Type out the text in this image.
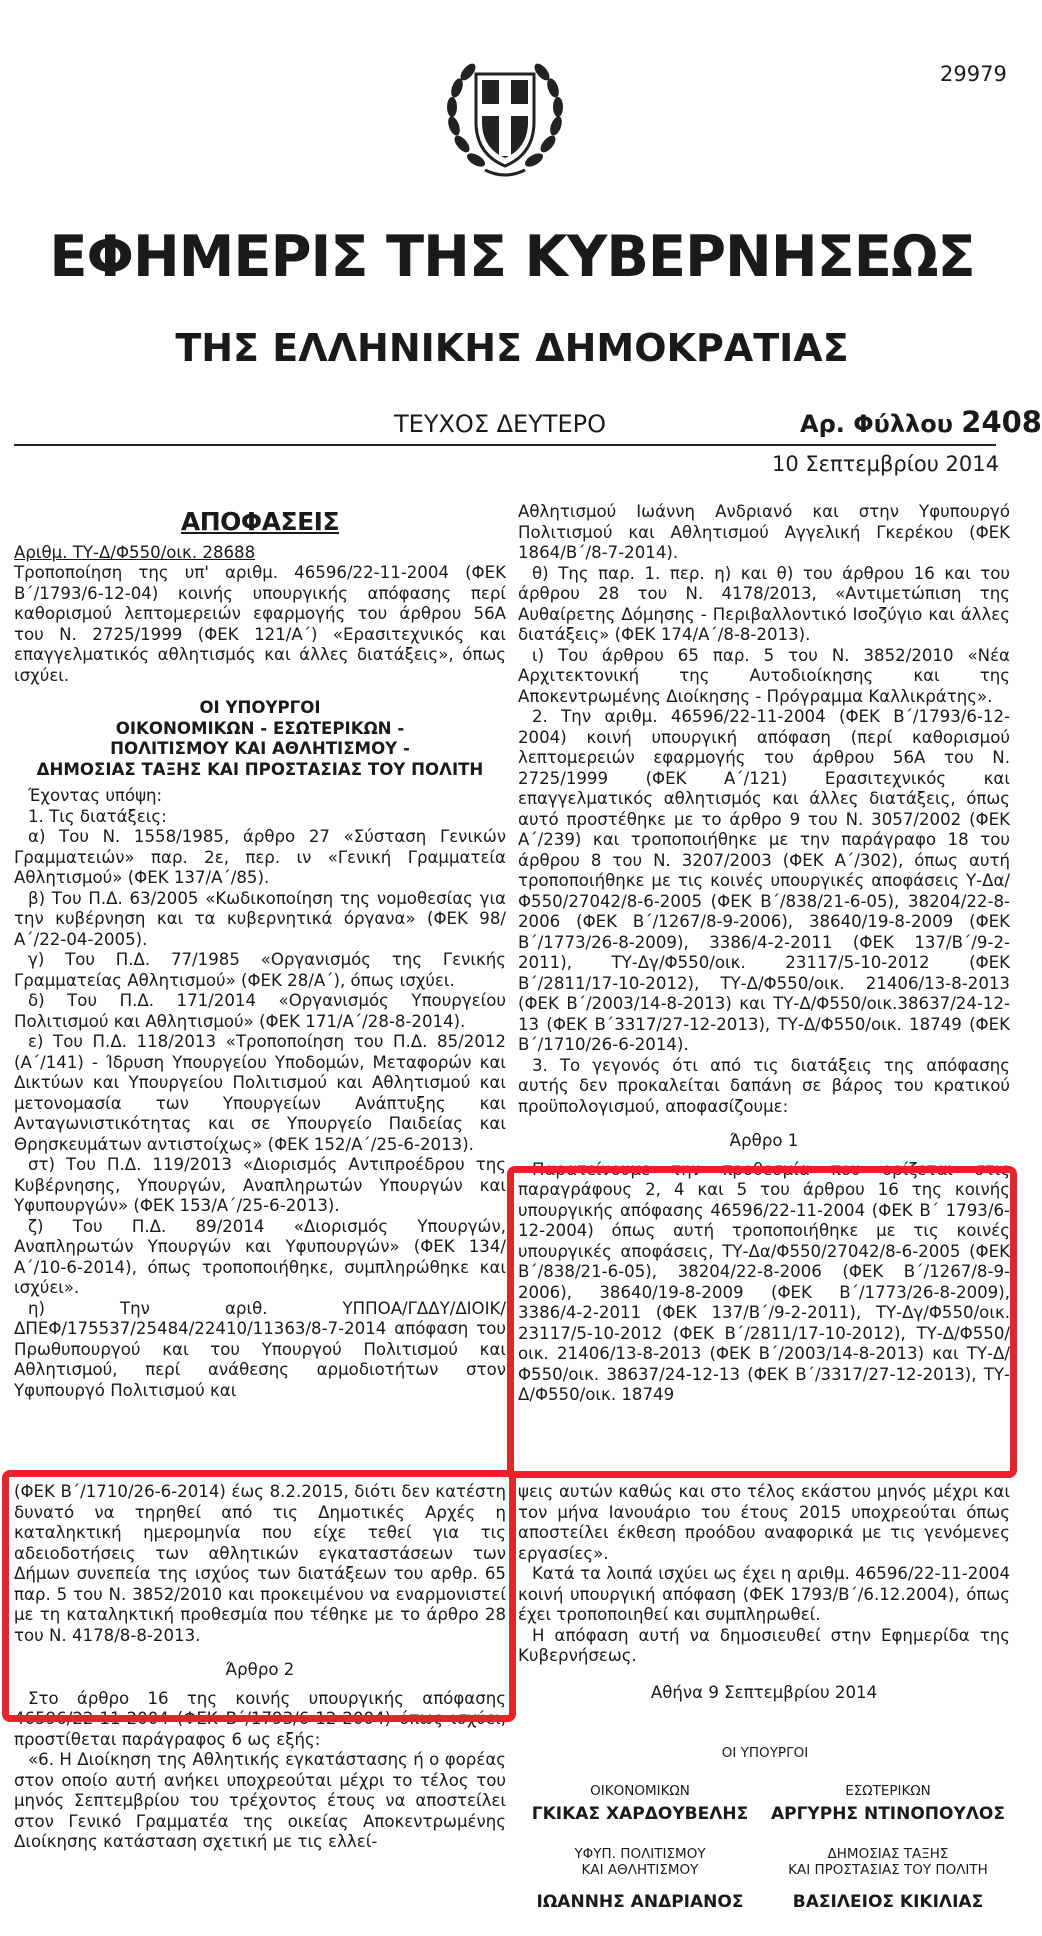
29979
ΕΦΗΜΕΡΙΣ ΤΗΣ ΚΥΒΕΡΝΗΣΕΩΣ
ΤΗΣ ΕΛΛΗΝΙΚΗΣ ΔΗΜΟΚΡΑΤΙΑΣ
ΤΕΥΧΟΣ ΔΕΥΤΕΡΟ	Αρ. Φύλλου 2408
10 Σεπτεμβρίου 2014

ΑΠΟΦΑΣΕΙΣ

Αριθμ. ΤΥ-Δ/Φ550/οικ. 28688

Τροποποίηση της υπ' αριθμ. 46596/22-11-2004 (ΦΕΚ Β΄/1793/6-12-04) κοινής υπουργικής απόφασης περί καθορισμού λεπτομερειών εφαρμογής του άρθρου 56Α του Ν. 2725/1999 (ΦΕΚ 121/Α΄) «Ερασιτεχνικός και επαγγελματικός αθλητισμός και άλλες διατάξεις», όπως ισχύει.

ΟΙ ΥΠΟΥΡΓΟΙ

ΟΙΚΟΝΟΜΙΚΩΝ - ΕΣΩΤΕΡΙΚΩΝ -

ΠΟΛΙΤΙΣΜΟΥ ΚΑΙ ΑΘΛΗΤΙΣΜΟΥ -

ΔΗΜΟΣΙΑΣ ΤΑΞΗΣ ΚΑΙ ΠΡΟΣΤΑΣΙΑΣ ΤΟΥ ΠΟΛΙΤΗ

Έχοντας υπόψη:

1. Τις διατάξεις:

α) Του Ν. 1558/1985, άρθρο 27 «Σύσταση Γενικών Γραμματειών» παρ. 2ε, περ. ιν «Γενική Γραμματεία Αθλητισμού» (ΦΕΚ 137/Α΄/85).

β) Του Π.Δ. 63/2005 «Κωδικοποίηση της νομοθεσίας για την κυβέρνηση και τα κυβερνητικά όργανα» (ΦΕΚ 98/Α΄/22-04-2005).

γ) Του Π.Δ. 77/1985 «Οργανισμός της Γενικής Γραμματείας Αθλητισμού» (ΦΕΚ 28/Α΄), όπως ισχύει.

δ) Του Π.Δ. 171/2014 «Οργανισμός Υπουργείου Πολιτισμού και Αθλητισμού» (ΦΕΚ 171/Α΄/28-8-2014).

ε) Του Π.Δ. 118/2013 «Τροποποίηση του Π.Δ. 85/2012 (Α΄/141) - Ίδρυση Υπουργείου Υποδομών, Μεταφορών και Δικτύων και Υπουργείου Πολιτισμού και Αθλητισμού και μετονομασία των Υπουργείων Ανάπτυξης και Ανταγωνιστικότητας και σε Υπουργείο Παιδείας και Θρησκευμάτων αντιστοίχως» (ΦΕΚ 152/Α΄/25-6-2013).

στ) Του Π.Δ. 119/2013 «Διορισμός Αντιπροέδρου της Κυβέρνησης, Υπουργών, Αναπληρωτών Υπουργών και Υφυπουργών» (ΦΕΚ 153/Α΄/25-6-2013).

ζ) Του Π.Δ. 89/2014 «Διορισμός Υπουργών, Αναπληρωτών Υπουργών και Υφυπουργών» (ΦΕΚ 134/Α΄/10-6-2014), όπως τροποποιήθηκε, συμπληρώθηκε και ισχύει».

η) Την αριθ. ΥΠΠΟΑ/ΓΔΔΥ/ΔΙΟΙΚ/ΔΠΕΦ/175537/25484/22410/11363/8-7-2014 απόφαση του Πρωθυπουργού και του Υπουργού Πολιτισμού και Αθλητισμού, περί ανάθεσης αρμοδιοτήτων στον Υφυπουργό Πολιτισμού και

Αθλητισμού Ιωάννη Ανδριανό και στην Υφυπουργό Πολιτισμού και Αθλητισμού Αγγελική Γκερέκου (ΦΕΚ 1864/Β΄/8-7-2014).

θ) Της παρ. 1. περ. η) και θ) του άρθρου 16 και του άρθρου 28 του Ν. 4178/2013, «Αντιμετώπιση της Αυθαίρετης Δόμησης - Περιβαλλοντικό Ισοζύγιο και άλλες διατάξεις» (ΦΕΚ 174/Α΄/8-8-2013).

ι) Του άρθρου 65 παρ. 5 του Ν. 3852/2010 «Νέα Αρχιτεκτονική της Αυτοδιοίκησης και της Αποκεντρωμένης Διοίκησης - Πρόγραμμα Καλλικράτης».

2. Την αριθμ. 46596/22-11-2004 (ΦΕΚ Β΄/1793/6-12-2004) κοινή υπουργική απόφαση (περί καθορισμού λεπτομερειών εφαρμογής του άρθρου 56Α του Ν. 2725/1999 (ΦΕΚ Α΄/121) Ερασιτεχνικός και επαγγελματικός αθλητισμός και άλλες διατάξεις, όπως αυτό προστέθηκε με το άρθρο 9 του Ν. 3057/2002 (ΦΕΚ Α΄/239) και τροποποιήθηκε με την παράγραφο 18 του άρθρου 8 του Ν. 3207/2003 (ΦΕΚ Α΄/302), όπως αυτή τροποποιήθηκε με τις κοινές υπουργικές αποφάσεις Υ-Δα/Φ550/27042/8-6-2005 (ΦΕΚ Β΄/838/21-6-05), 38204/22-8-2006 (ΦΕΚ Β΄/1267/8-9-2006), 38640/19-8-2009 (ΦΕΚ Β΄/1773/26-8-2009), 3386/4-2-2011 (ΦΕΚ 137/Β΄/9-2-2011), ΤΥ-Δγ/Φ550/οικ. 23117/5-10-2012 (ΦΕΚ Β΄/2811/17-10-2012), ΤΥ-Δ/Φ550/οικ. 21406/13-8-2013 (ΦΕΚ Β΄/2003/14-8-2013) και ΤΥ-Δ/Φ550/οικ.38637/24-12-13 (ΦΕΚ Β΄3317/27-12-2013), ΤΥ-Δ/Φ550/οικ. 18749 (ΦΕΚ Β΄/1710/26-6-2014).

3. Το γεγονός ότι από τις διατάξεις της απόφασης αυτής δεν προκαλείται δαπάνη σε βάρος του κρατικού προϋπολογισμού, αποφασίζουμε:

Άρθρο 1

Παρατείνουμε την προθεσμία που ορίζεται στις παραγράφους 2, 4 και 5 του άρθρου 16 της κοινής υπουργικής απόφασης 46596/22-11-2004 (ΦΕΚ Β΄ 1793/6-12-2004) όπως αυτή τροποποιήθηκε με τις κοινές υπουργικές αποφάσεις, ΤΥ-Δα/Φ550/27042/8-6-2005 (ΦΕΚ Β΄/838/21-6-05), 38204/22-8-2006 (ΦΕΚ Β΄/1267/8-9-2006), 38640/19-8-2009 (ΦΕΚ Β΄/1773/26-8-2009), 3386/4-2-2011 (ΦΕΚ 137/Β΄/9-2-2011), ΤΥ-Δγ/Φ550/οικ. 23117/5-10-2012 (ΦΕΚ Β΄/2811/17-10-2012), ΤΥ-Δ/Φ550/οικ. 21406/13-8-2013 (ΦΕΚ Β΄/2003/14-8-2013) και ΤΥ-Δ/Φ550/οικ. 38637/24-12-13 (ΦΕΚ Β΄/3317/27-12-2013), ΤΥ-Δ/Φ550/οικ. 18749

(ΦΕΚ Β΄/1710/26-6-2014) έως 8.2.2015, διότι δεν κατέστη δυνατό να τηρηθεί από τις Δημοτικές Αρχές η καταληκτική ημερομηνία που είχε τεθεί για τις αδειοδοτήσεις των αθλητικών εγκαταστάσεων των Δήμων συνεπεία της ισχύος των διατάξεων του αρθρ. 65 παρ. 5 του Ν. 3852/2010 και προκειμένου να εναρμονιστεί με τη καταληκτική προθεσμία που τέθηκε με το άρθρο 28 του Ν. 4178/8-8-2013.

Άρθρο 2

Στο άρθρο 16 της κοινής υπουργικής απόφασης 46596/22-11-2004 (ΦΕΚ Β΄/1793/6-12-2004) όπως ισχύει, προστίθεται παράγραφος 6 ως εξής:

«6. Η Διοίκηση της Αθλητικής εγκατάστασης ή ο φορέας στον οποίο αυτή ανήκει υποχρεούται μέχρι το τέλος του μηνός Σεπτεμβρίου του τρέχοντος έτους να αποστείλει στον Γενικό Γραμματέα της οικείας Αποκεντρωμένης Διοίκησης κατάσταση σχετική με τις ελλεί-

ψεις αυτών καθώς και στο τέλος εκάστου μηνός μέχρι και τον μήνα Ιανουάριο του έτους 2015 υποχρεούται όπως αποστείλει έκθεση προόδου αναφορικά με τις γενόμενες εργασίες».

Κατά τα λοιπά ισχύει ως έχει η αριθμ. 46596/22-11-2004 κοινή υπουργική απόφαση (ΦΕΚ 1793/Β΄/6.12.2004), όπως έχει τροποποιηθεί και συμπληρωθεί.

Η απόφαση αυτή να δημοσιευθεί στην Εφημερίδα της Κυβερνήσεως.

Αθήνα 9 Σεπτεμβρίου 2014

ΟΙ ΥΠΟΥΡΓΟΙ
ΟΙΚΟΝΟΜΙΚΩΝ
ΓΚΙΚΑΣ ΧΑΡΔΟΥΒΕΛΗΣ
ΕΣΩΤΕΡΙΚΩΝ
ΑΡΓΥΡΗΣ ΝΤΙΝΟΠΟΥΛΟΣ
ΥΦΥΠ. ΠΟΛΙΤΙΣΜΟΥ
ΚΑΙ ΑΘΛΗΤΙΣΜΟΥ
ΙΩΑΝΝΗΣ ΑΝΔΡΙΑΝΟΣ
ΔΗΜΟΣΙΑΣ ΤΑΞΗΣ
ΚΑΙ ΠΡΟΣΤΑΣΙΑΣ ΤΟΥ ΠΟΛΙΤΗ
ΒΑΣΙΛΕΙΟΣ ΚΙΚΙΛΙΑΣ
